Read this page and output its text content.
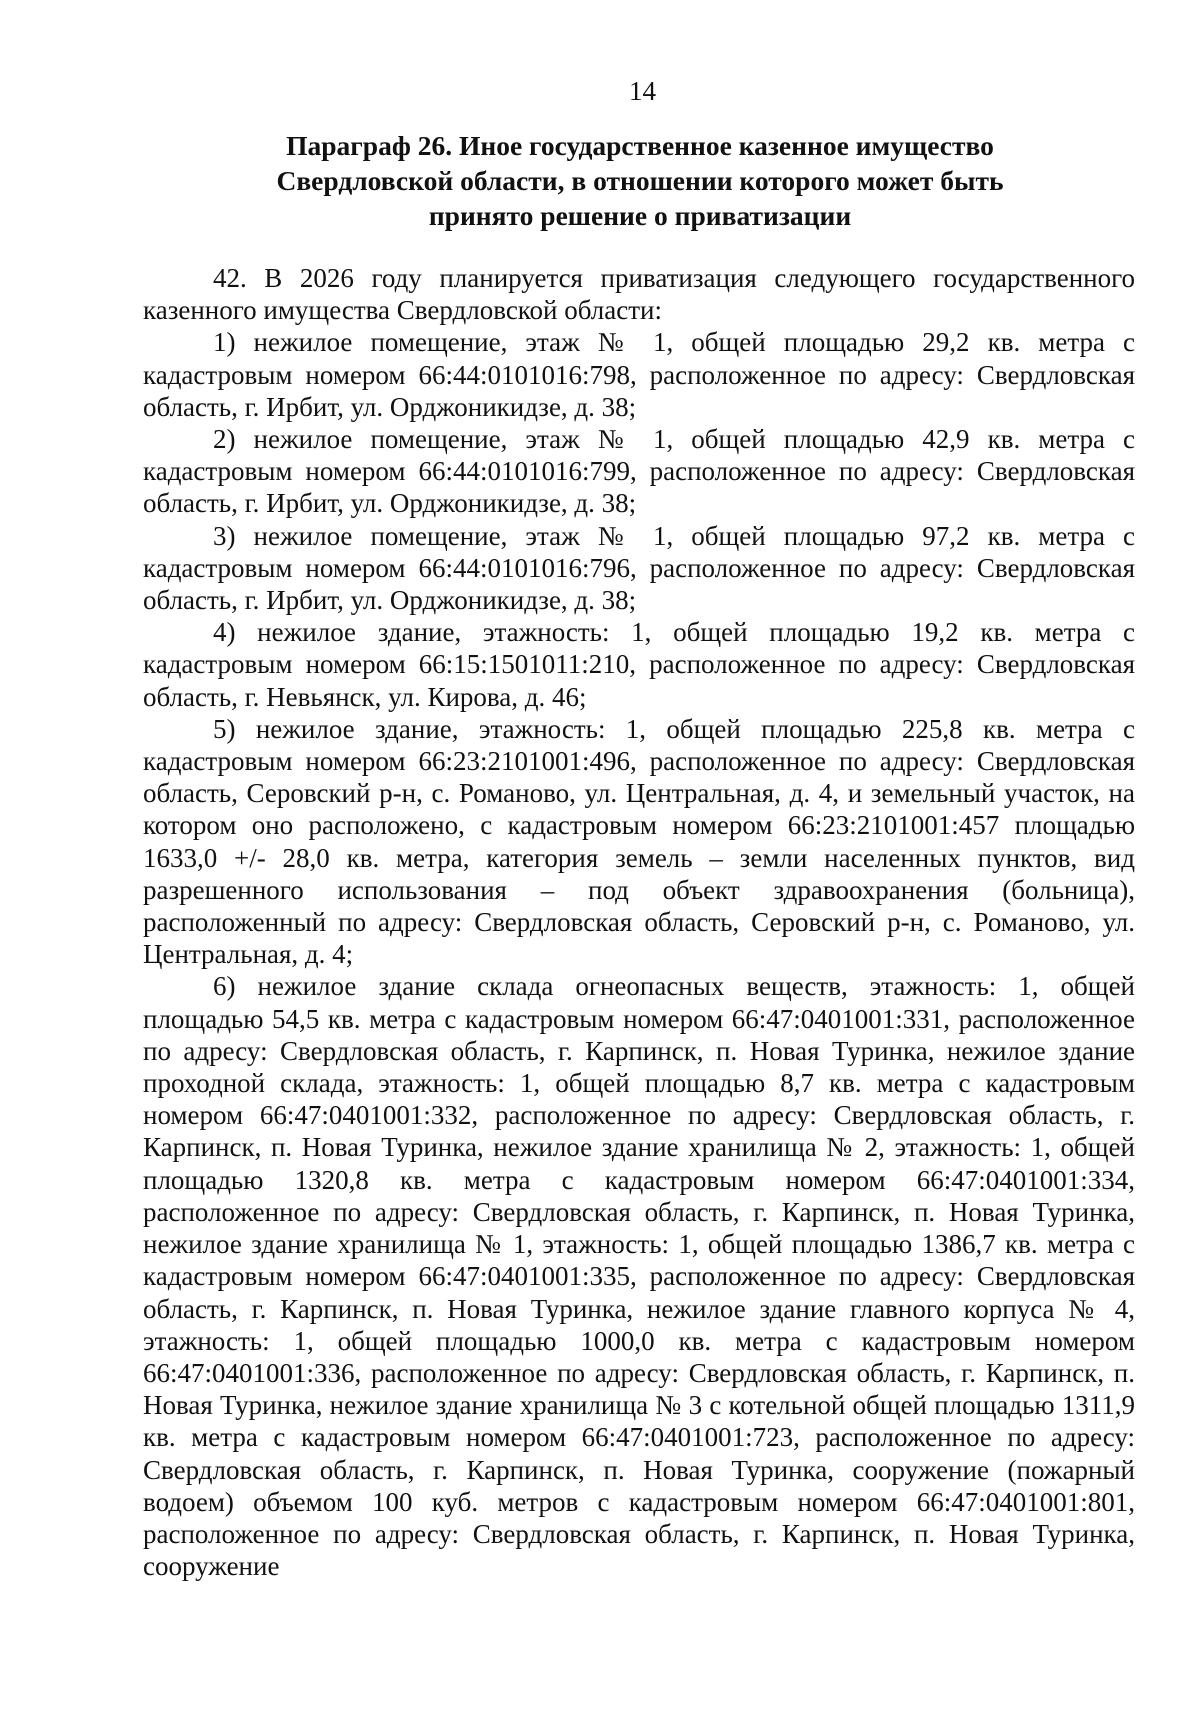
14
Параграф 26. Иное государственное казенное имущество
Свердловской области, в отношении которого может быть
принято решение о приватизации

42. В 2026 году планируется приватизация следующего государственного казенного имущества Свердловской области:

1) нежилое помещение, этаж № 1, общей площадью 29,2 кв. метра с кадастровым номером 66:44:0101016:798, расположенное по адресу: Свердловская область, г. Ирбит, ул. Орджоникидзе, д. 38;

2) нежилое помещение, этаж № 1, общей площадью 42,9 кв. метра с кадастровым номером 66:44:0101016:799, расположенное по адресу: Свердловская область, г. Ирбит, ул. Орджоникидзе, д. 38;

3) нежилое помещение, этаж № 1, общей площадью 97,2 кв. метра с кадастровым номером 66:44:0101016:796, расположенное по адресу: Свердловская область, г. Ирбит, ул. Орджоникидзе, д. 38;

4) нежилое здание, этажность: 1, общей площадью 19,2 кв. метра с кадастровым номером 66:15:1501011:210, расположенное по адресу: Свердловская область, г. Невьянск, ул. Кирова, д. 46;

5) нежилое здание, этажность: 1, общей площадью 225,8 кв. метра с кадастровым номером 66:23:2101001:496, расположенное по адресу: Свердловская область, Серовский р-н, с. Романово, ул. Центральная, д. 4, и земельный участок, на котором оно расположено, с кадастровым номером 66:23:2101001:457 площадью 1633,0 +/- 28,0 кв. метра, категория земель – земли населенных пунктов, вид разрешенного использования – под объект здравоохранения (больница), расположенный по адресу: Свердловская область, Серовский р-н, с. Романово, ул. Центральная, д. 4;

6) нежилое здание склада огнеопасных веществ, этажность: 1, общей площадью 54,5 кв. метра с кадастровым номером 66:47:0401001:331, расположенное по адресу: Свердловская область, г. Карпинск, п. Новая Туринка, нежилое здание проходной склада, этажность: 1, общей площадью 8,7 кв. метра с кадастровым номером 66:47:0401001:332, расположенное по адресу: Свердловская область, г. Карпинск, п. Новая Туринка, нежилое здание хранилища № 2, этажность: 1, общей площадью 1320,8 кв. метра с кадастровым номером 66:47:0401001:334, расположенное по адресу: Свердловская область, г. Карпинск, п. Новая Туринка, нежилое здание хранилища № 1, этажность: 1, общей площадью 1386,7 кв. метра с кадастровым номером 66:47:0401001:335, расположенное по адресу: Свердловская область, г. Карпинск, п. Новая Туринка, нежилое здание главного корпуса № 4, этажность: 1, общей площадью 1000,0 кв. метра с кадастровым номером 66:47:0401001:336, расположенное по адресу: Свердловская область, г. Карпинск, п. Новая Туринка, нежилое здание хранилища № 3 с котельной общей площадью 1311,9 кв. метра с кадастровым номером 66:47:0401001:723, расположенное по адресу: Свердловская область, г. Карпинск, п. Новая Туринка, сооружение (пожарный водоем) объемом 100 куб. метров с кадастровым номером 66:47:0401001:801, расположенное по адресу: Свердловская область, г. Карпинск, п. Новая Туринка, сооружение
